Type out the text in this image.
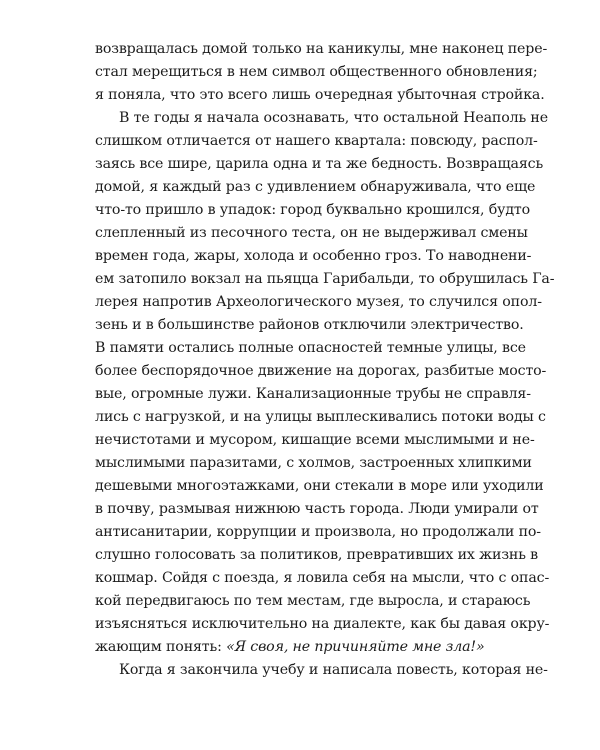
возвращалась домой только на каникулы, мне наконец пере-
стал мерещиться в нем символ общественного обновления;
я поняла, что это всего лишь очередная убыточная стройка.
В те годы я начала осознавать, что остальной Неаполь не
слишком отличается от нашего квартала: повсюду, распол-
заясь все шире, царила одна и та же бедность. Возвращаясь
домой, я каждый раз с удивлением обнаруживала, что еще
что-то пришло в упадок: город буквально крошился, будто
слепленный из песочного теста, он не выдерживал смены
времен года, жары, холода и особенно гроз. То наводнени-
ем затопило вокзал на пьяцца Гарибальди, то обрушилась Га-
лерея напротив Археологического музея, то случился опол-
зень и в большинстве районов отключили электричество.
В памяти остались полные опасностей темные улицы, все
более беспорядочное движение на дорогах, разбитые мосто-
вые, огромные лужи. Канализационные трубы не справля-
лись с нагрузкой, и на улицы выплескивались потоки воды с
нечистотами и мусором, кишащие всеми мыслимыми и не-
мыслимыми паразитами, с холмов, застроенных хлипкими
дешевыми многоэтажками, они стекали в море или уходили
в почву, размывая нижнюю часть города. Люди умирали от
антисанитарии, коррупции и произвола, но продолжали по-
слушно голосовать за политиков, превративших их жизнь в
кошмар. Сойдя с поезда, я ловила себя на мысли, что с опас-
кой передвигаюсь по тем местам, где выросла, и стараюсь
изъясняться исключительно на диалекте, как бы давая окру-
жающим понять: «Я своя, не причиняйте мне зла!»
Когда я закончила учебу и написала повесть, которая не-
